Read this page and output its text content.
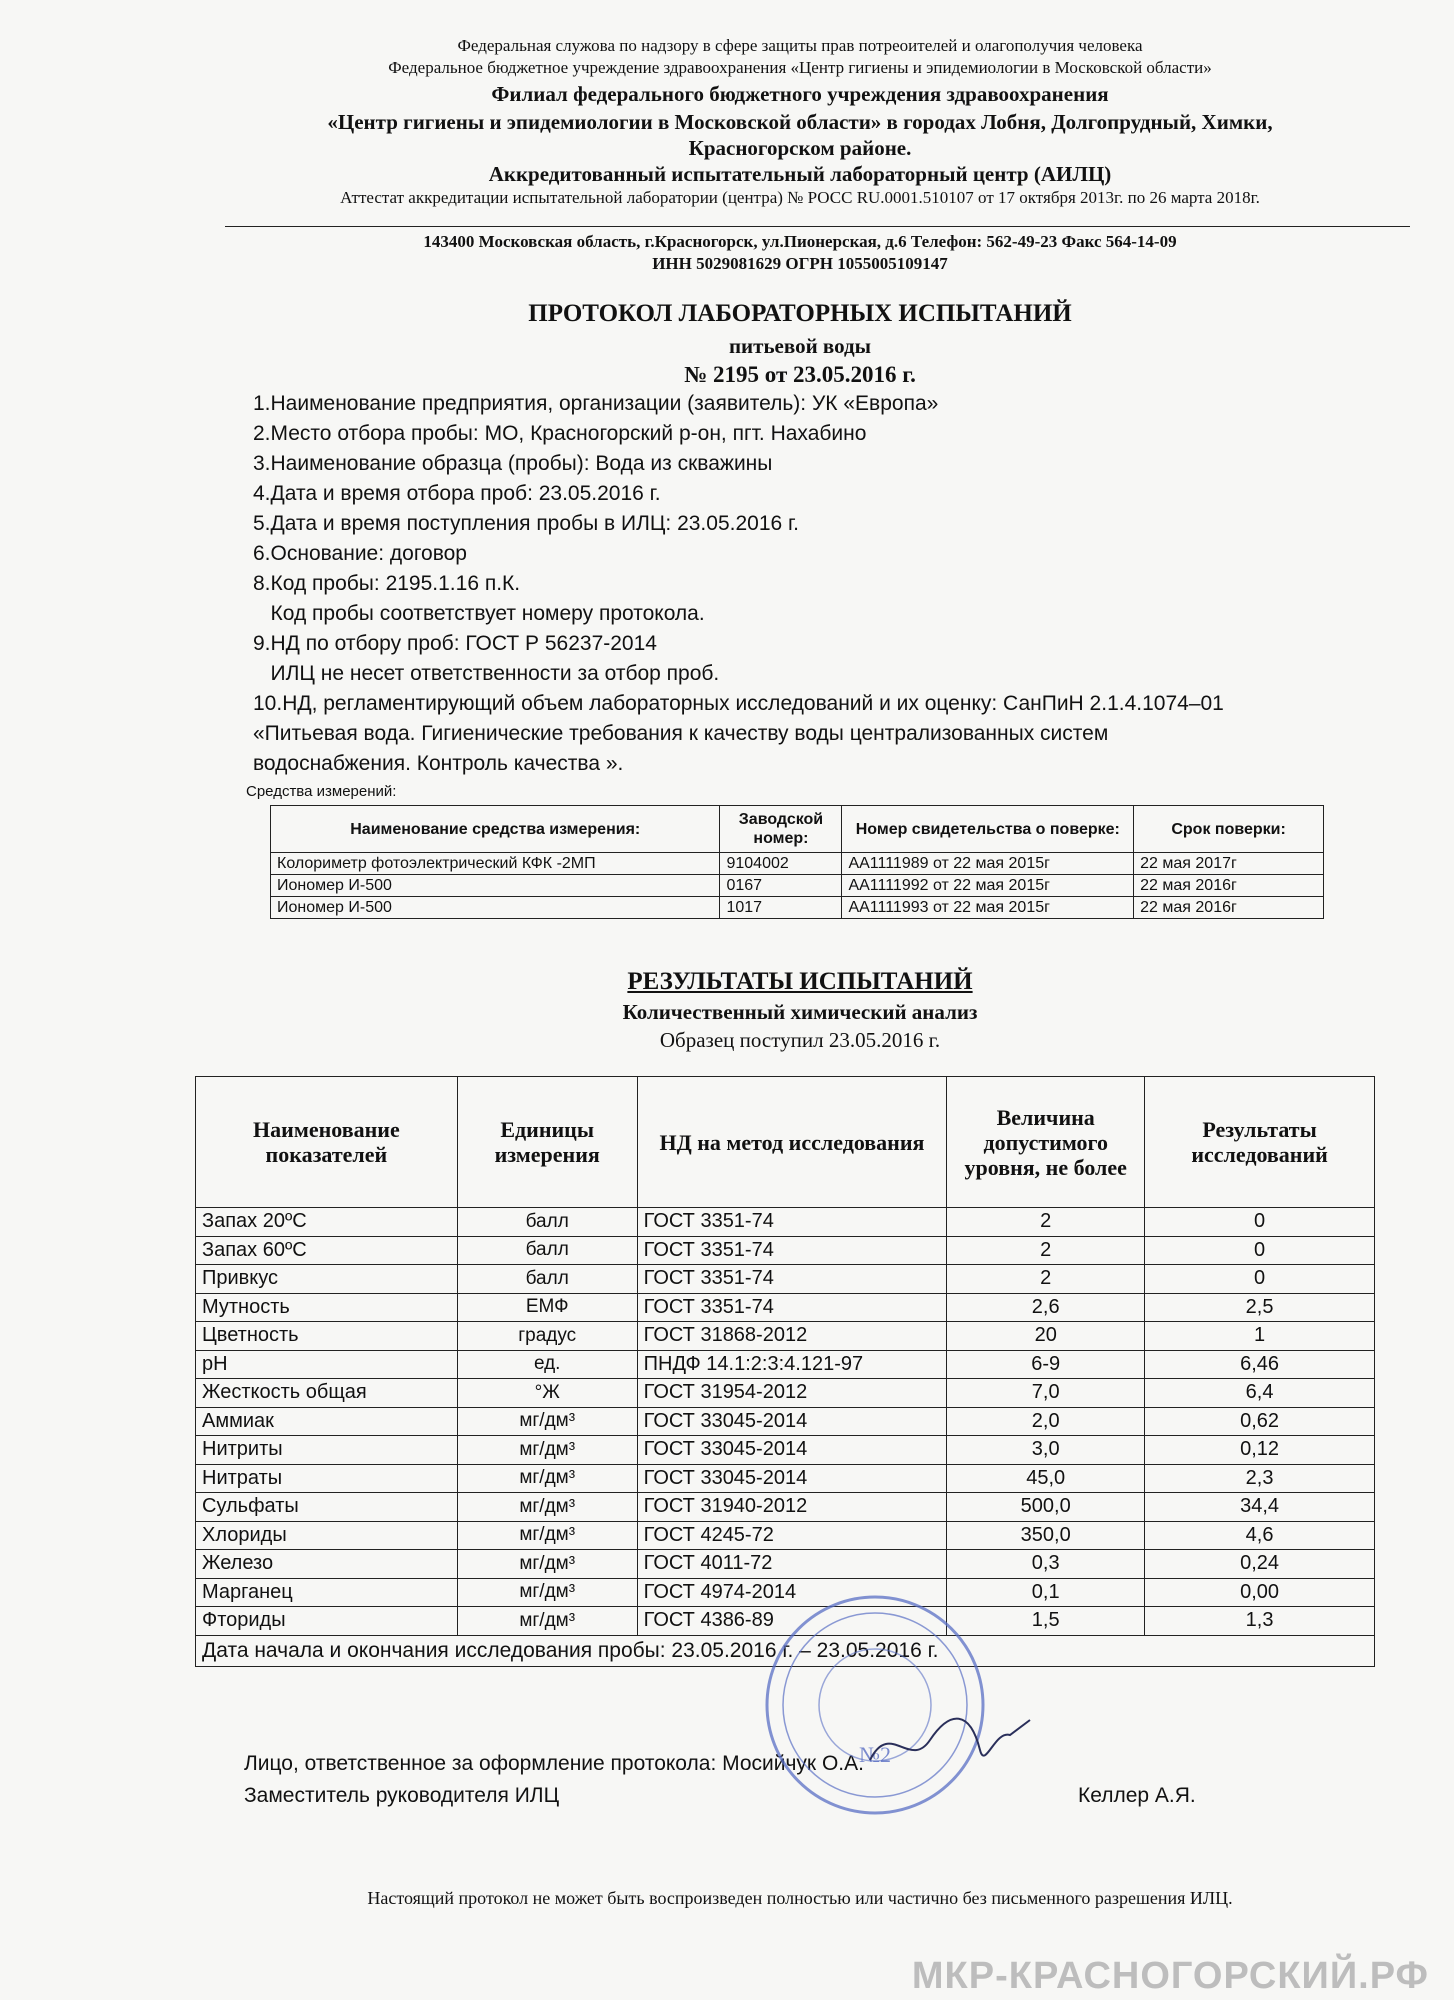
Федеральная служова по надзору в сфере защиты прав потреоителей и олагополучия человека
Федеральное бюджетное учреждение здравоохранения «Центр гигиены и эпидемиологии в Московской области»
Филиал федерального бюджетного учреждения здравоохранения
«Центр гигиены и эпидемиологии в Московской области» в городах Лобня, Долгопрудный, Химки,
Красногорском районе.
Аккредитованный испытательный лабораторный центр (АИЛЦ)
Аттестат аккредитации испытательной лаборатории (центра) № РОСС RU.0001.510107 от 17 октября 2013г. по 26 марта 2018г.
143400 Московская область, г.Красногорск, ул.Пионерская, д.6 Телефон: 562-49-23 Факс 564-14-09
ИНН 5029081629 ОГРН 1055005109147
ПРОТОКОЛ ЛАБОРАТОРНЫХ ИСПЫТАНИЙ
питьевой воды
№ 2195 от 23.05.2016 г.
1.Наименование предприятия, организации (заявитель): УК «Европа»
2.Место отбора пробы: МО, Красногорский р-он, пгт. Нахабино
3.Наименование образца (пробы): Вода из скважины
4.Дата и время отбора проб: 23.05.2016 г.
5.Дата и время поступления пробы в ИЛЦ: 23.05.2016 г.
6.Основание: договор
8.Код пробы: 2195.1.16 п.К.
Код пробы соответствует номеру протокола.
9.НД по отбору проб: ГОСТ Р 56237-2014
ИЛЦ не несет ответственности за отбор проб.
10.НД, регламентирующий объем лабораторных исследований и их оценку: СанПиН 2.1.4.1074–01
«Питьевая вода. Гигиенические требования к качеству воды централизованных систем
водоснабжения. Контроль качества ».
Средства измерений:
Наименование средства измерения:	Заводской номер:	Номер свидетельства о поверке:	Срок поверки:
Колориметр фотоэлектрический КФК -2МП	9104002	АА1111989 от 22 мая 2015г	22 мая 2017г
Иономер И-500	0167	АА1111992 от 22 мая 2015г	22 мая 2016г
Иономер И-500	1017	АА1111993 от 22 мая 2015г	22 мая 2016г
РЕЗУЛЬТАТЫ ИСПЫТАНИЙ
Количественный химический анализ
Образец поступил 23.05.2016 г.
Наименование показателей	Единицы измерения	НД на метод исследования	Величина допустимого уровня, не более	Результаты исследований
Запах 20ºC	балл	ГОСТ 3351-74	2	0
Запах 60ºC	балл	ГОСТ 3351-74	2	0
Привкус	балл	ГОСТ 3351-74	2	0
Мутность	ЕМФ	ГОСТ 3351-74	2,6	2,5
Цветность	градус	ГОСТ 31868-2012	20	1
pH	ед.	ПНДФ 14.1:2:3:4.121-97	6-9	6,46
Жесткость общая	°Ж	ГОСТ 31954-2012	7,0	6,4
Аммиак	мг/дм³	ГОСТ 33045-2014	2,0	0,62
Нитриты	мг/дм³	ГОСТ 33045-2014	3,0	0,12
Нитраты	мг/дм³	ГОСТ 33045-2014	45,0	2,3
Сульфаты	мг/дм³	ГОСТ 31940-2012	500,0	34,4
Хлориды	мг/дм³	ГОСТ 4245-72	350,0	4,6
Железо	мг/дм³	ГОСТ 4011-72	0,3	0,24
Марганец	мг/дм³	ГОСТ 4974-2014	0,1	0,00
Фториды	мг/дм³	ГОСТ 4386-89	1,5	1,3
Дата начала и окончания исследования пробы: 23.05.2016 г. – 23.05.2016 г.				
Лицо, ответственное за оформление протокола: Мосийчук О.А.
Заместитель руководителя ИЛЦ	Келлер А.Я.
№2
Настоящий протокол не может быть воспроизведен полностью или частично без письменного разрешения ИЛЦ.
МКР-КРАСНОГОРСКИЙ.РФ
